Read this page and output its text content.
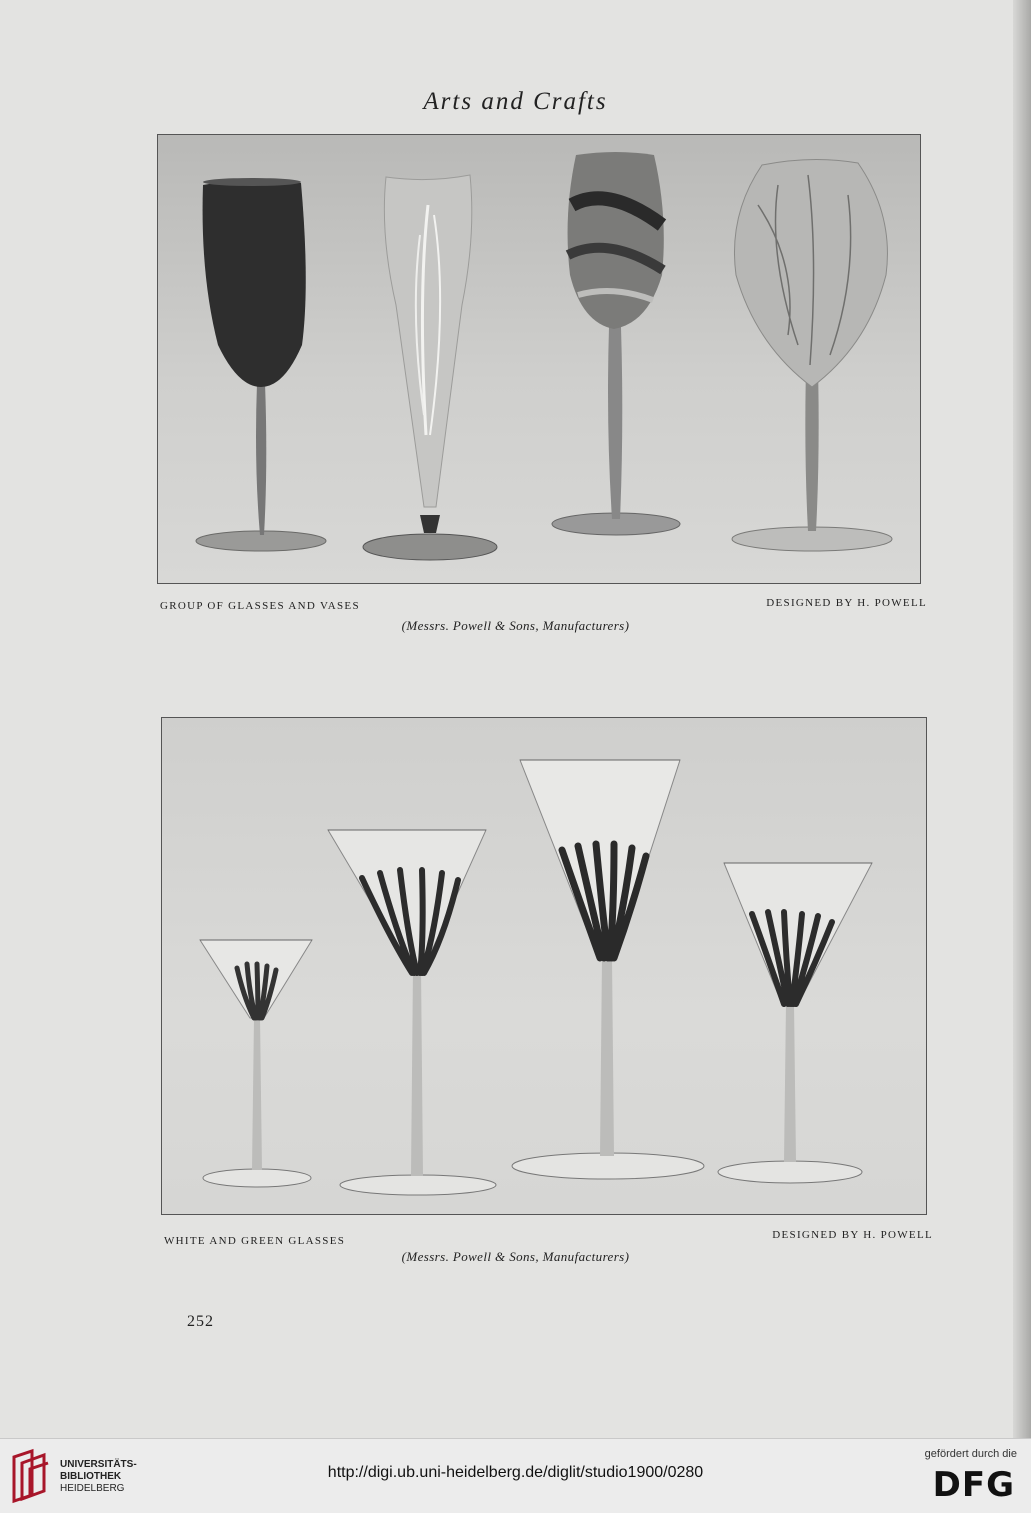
Arts and Crafts
GROUP OF GLASSES AND VASES	DESIGNED BY H. POWELL
(Messrs. Powell & Sons, Manufacturers)
WHITE AND GREEN GLASSES	DESIGNED BY H. POWELL
(Messrs. Powell & Sons, Manufacturers)
252
UNIVERSITÄTS-
BIBLIOTHEK
HEIDELBERG
http://digi.ub.uni-heidelberg.de/diglit/studio1900/0280
gefördert durch die
DFG
